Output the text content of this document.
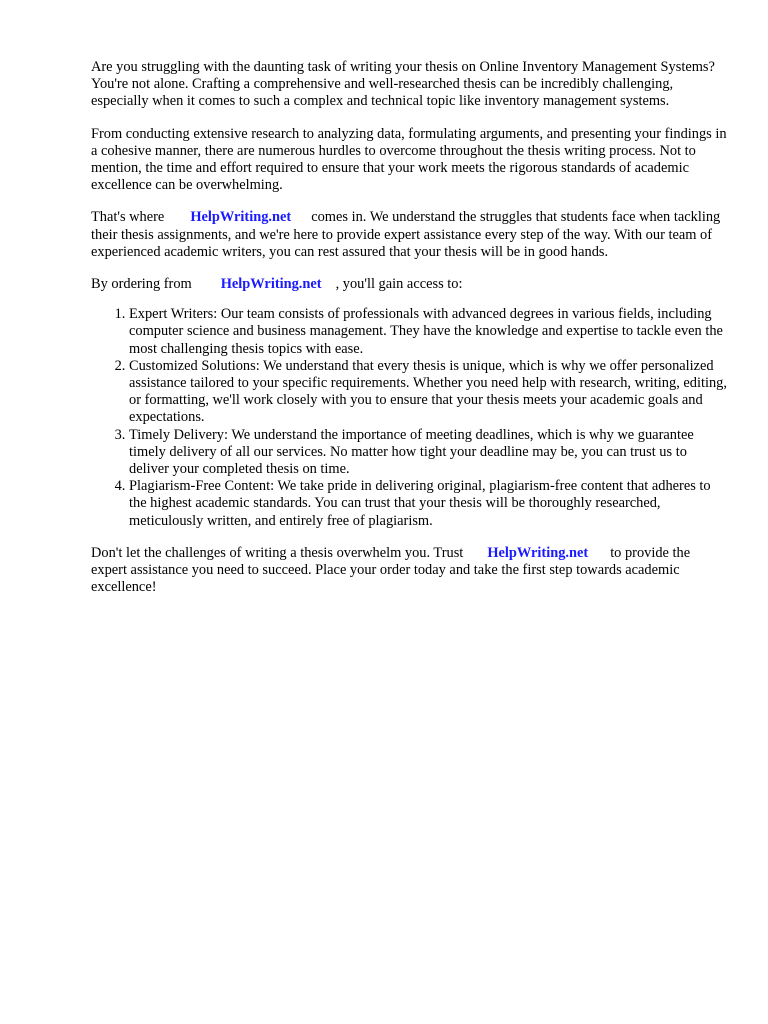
Are you struggling with the daunting task of writing your thesis on Online Inventory Management Systems? You're not alone. Crafting a comprehensive and well-researched thesis can be incredibly challenging, especially when it comes to such a complex and technical topic like inventory management systems.

From conducting extensive research to analyzing data, formulating arguments, and presenting your findings in a cohesive manner, there are numerous hurdles to overcome throughout the thesis writing process. Not to mention, the time and effort required to ensure that your work meets the rigorous standards of academic excellence can be overwhelming.

That's where HelpWriting.net comes in. We understand the struggles that students face when tackling their thesis assignments, and we're here to provide expert assistance every step of the way. With our team of experienced academic writers, you can rest assured that your thesis will be in good hands.

By ordering from HelpWriting.net , you'll gain access to:

1. Expert Writers: Our team consists of professionals with advanced degrees in various fields, including computer science and business management. They have the knowledge and expertise to tackle even the most challenging thesis topics with ease.
2. Customized Solutions: We understand that every thesis is unique, which is why we offer personalized assistance tailored to your specific requirements. Whether you need help with research, writing, editing, or formatting, we'll work closely with you to ensure that your thesis meets your academic goals and expectations.
3. Timely Delivery: We understand the importance of meeting deadlines, which is why we guarantee timely delivery of all our services. No matter how tight your deadline may be, you can trust us to deliver your completed thesis on time.
4. Plagiarism-Free Content: We take pride in delivering original, plagiarism-free content that adheres to the highest academic standards. You can trust that your thesis will be thoroughly researched, meticulously written, and entirely free of plagiarism.

Don't let the challenges of writing a thesis overwhelm you. Trust HelpWriting.net to provide the expert assistance you need to succeed. Place your order today and take the first step towards academic excellence!
